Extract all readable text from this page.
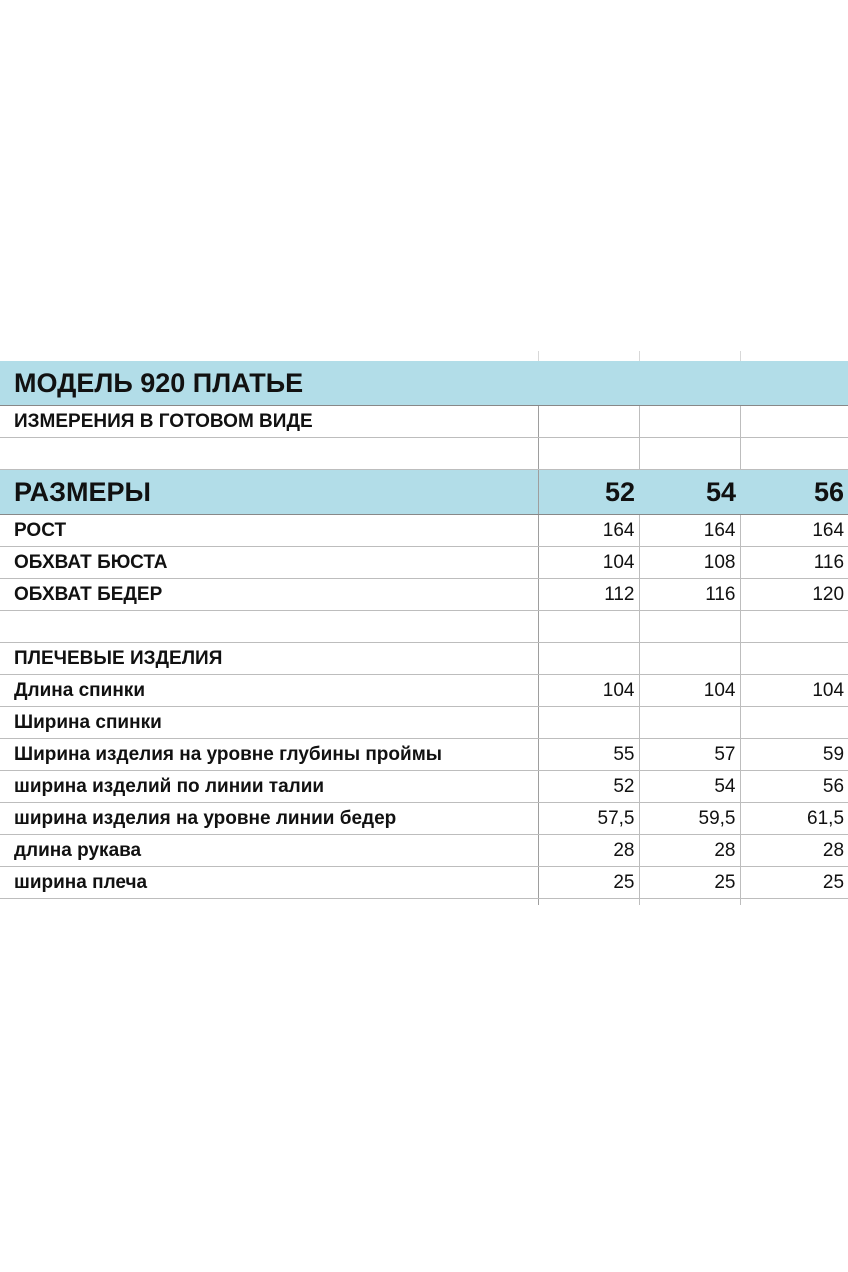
МОДЕЛЬ 920 ПЛАТЬЕ			
ИЗМЕРЕНИЯ В ГОТОВОМ ВИДЕ			

РАЗМЕРЫ	52	54	56
РОСТ	164	164	164
ОБХВАТ БЮСТА	104	108	116
ОБХВАТ БЕДЕР	112	116	120

ПЛЕЧЕВЫЕ ИЗДЕЛИЯ			
Длина спинки	104	104	104
Ширина спинки			
Ширина изделия на уровне глубины проймы	55	57	59
ширина изделий по линии талии	52	54	56
ширина изделия на уровне линии бедер	57,5	59,5	61,5
длина рукава	28	28	28
ширина плеча	25	25	25
